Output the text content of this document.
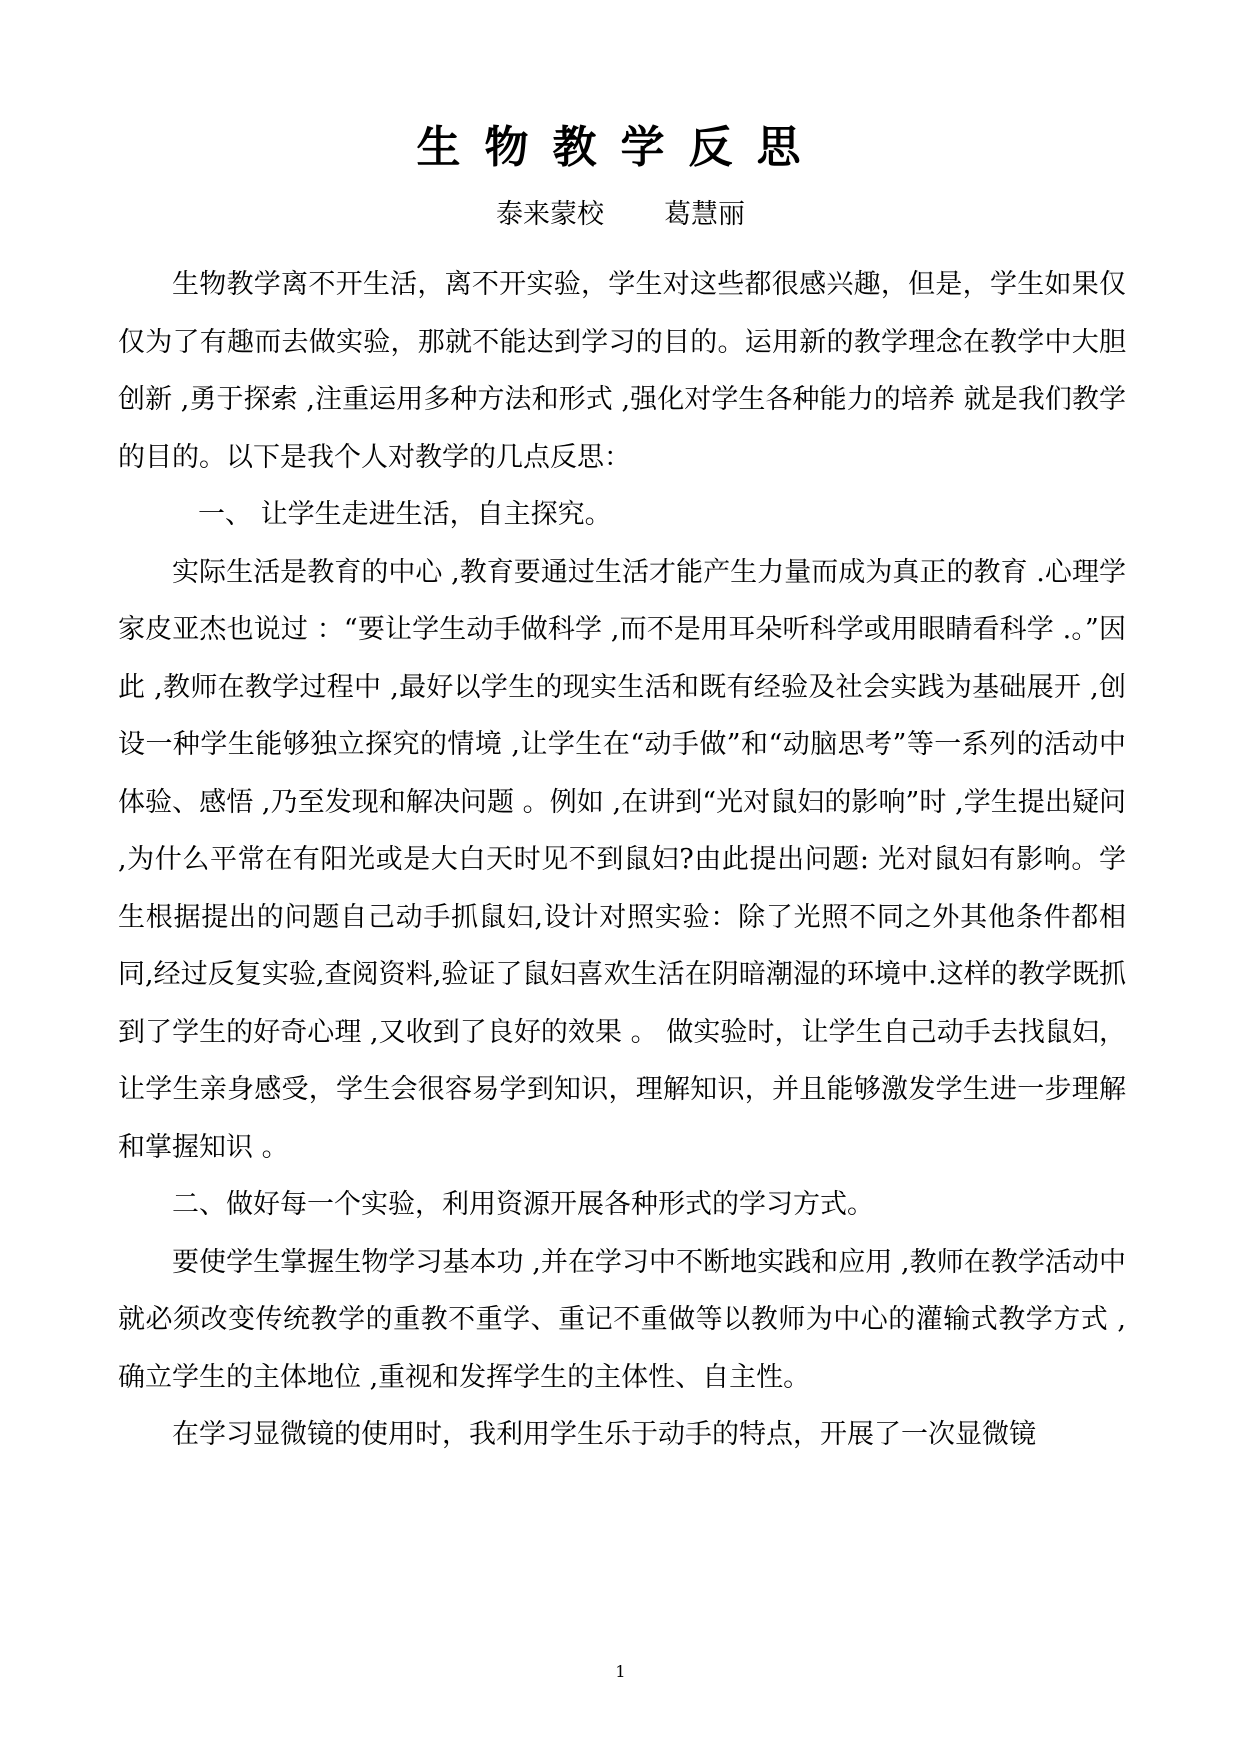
生物教学反思
泰来蒙校 葛慧丽

生物教学离不开生活，离不开实验，学生对这些都很感兴趣，但是，学生如果仅仅为了有趣而去做实验，那就不能达到学习的目的。运用新的教学理念在教学中大胆创新 ,勇于探索 ,注重运用多种方法和形式 ,强化对学生各种能力的培养 就是我们教学的目的。以下是我个人对教学的几点反思：

一、 让学生走进生活，自主探究。

实际生活是教育的中心 ,教育要通过生活才能产生力量而成为真正的教育 .心理学家皮亚杰也说过 ：“要让学生动手做科学 ,而不是用耳朵听科学或用眼睛看科学 .。”因此 ,教师在教学过程中 ,最好以学生的现实生活和既有经验及社会实践为基础展开 ,创设一种学生能够独立探究的情境 ,让学生在“动手做”和“动脑思考”等一系列的活动中体验、感悟 ,乃至发现和解决问题 。例如 ,在讲到“光对鼠妇的影响”时 ,学生提出疑问 ,为什么平常在有阳光或是大白天时见不到鼠妇?由此提出问题: 光对鼠妇有影响。学生根据提出的问题自己动手抓鼠妇,设计对照实验：除了光照不同之外其他条件都相同,经过反复实验,查阅资料,验证了鼠妇喜欢生活在阴暗潮湿的环境中.这样的教学既抓到了学生的好奇心理 ,又收到了良好的效果 。 做实验时，让学生自己动手去找鼠妇，让学生亲身感受，学生会很容易学到知识，理解知识，并且能够激发学生进一步理解和掌握知识 。

二、做好每一个实验，利用资源开展各种形式的学习方式。

要使学生掌握生物学习基本功 ,并在学习中不断地实践和应用 ,教师在教学活动中就必须改变传统教学的重教不重学、重记不重做等以教师为中心的灌输式教学方式 ,确立学生的主体地位 ,重视和发挥学生的主体性、自主性。

在学习显微镜的使用时，我利用学生乐于动手的特点，开展了一次显微镜

1
